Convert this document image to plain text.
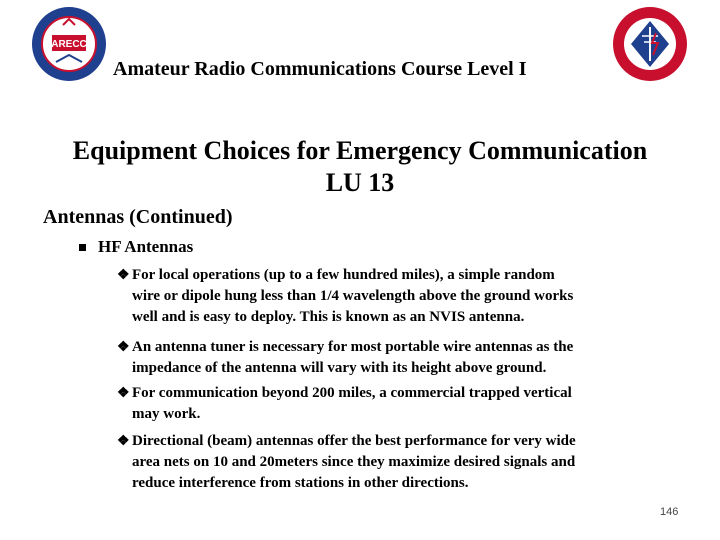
ARECC
Amateur Radio Communications Course Level I
Equipment Choices for Emergency Communication
LU 13
Antennas (Continued)
HF Antennas
❖ For local operations (up to a few hundred miles), a simple random
wire or dipole hung less than 1/4 wavelength above the ground works
well and is easy to deploy. This is known as an NVIS antenna.
❖ An antenna tuner is necessary for most portable wire antennas as the
impedance of the antenna will vary with its height above ground.
❖ For communication beyond 200 miles, a commercial trapped vertical
may work.
❖ Directional (beam) antennas offer the best performance for very wide
area nets on 10 and 20meters since they maximize desired signals and
reduce interference from stations in other directions.
146
